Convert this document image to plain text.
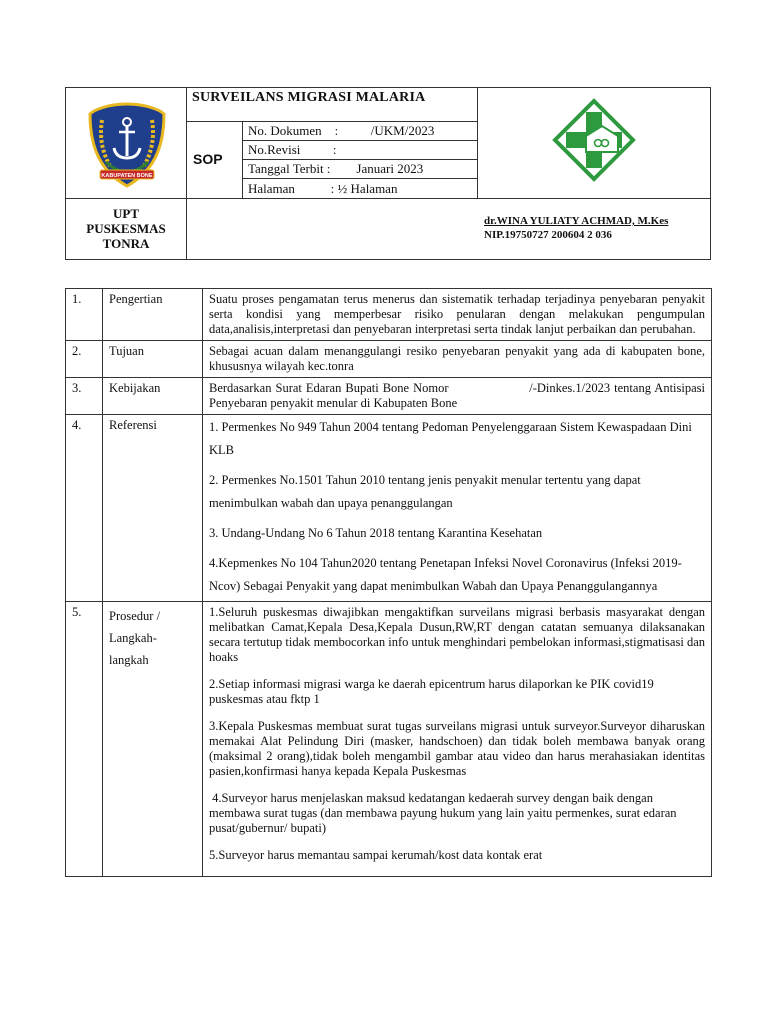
KABUPATEN BONE
SURVEILANS MIGRASI MALARIA
SOP
No. Dokumen    :          /UKM/2023
No.Revisi          :
Tanggal Terbit :        Januari 2023
Halaman           : ½ Halaman
UPT
PUSKESMAS
TONRA
dr.WINA YULIATY ACHMAD, M.Kes
NIP.19750727 200604 2 036
1.	Pengertian	Suatu proses pengamatan terus menerus dan sistematik terhadap terjadinya penyebaran penyakit serta kondisi yang memperbesar risiko penularan dengan melakukan pengumpulan data,analisis,interpretasi dan penyebaran interpretasi serta tindak lanjut perbaikan dan perubahan.
2.	Tujuan	Sebagai acuan dalam menanggulangi resiko penyebaran penyakit yang ada di kabupaten bone, khususnya wilayah kec.tonra
3.	Kebijakan	Berdasarkan Surat Edaran Bupati Bone Nomor                    /-Dinkes.1/2023 tentang Antisipasi Penyebaran penyakit menular di Kabupaten Bone
4.	Referensi	1. Permenkes No 949 Tahun 2004 tentang Pedoman Penyelenggaraan Sistem Kewaspadaan Dini KLB

2. Permenkes No.1501 Tahun 2010 tentang jenis penyakit menular tertentu yang dapat menimbulkan wabah dan upaya penanggulangan

3. Undang-Undang No 6 Tahun 2018 tentang Karantina Kesehatan

4.Kepmenkes No 104 Tahun2020 tentang Penetapan Infeksi Novel Coronavirus (Infeksi 2019-Ncov) Sebagai Penyakit yang dapat menimbulkan Wabah dan Upaya Penanggulangannya

5.	Prosedur / Langkah-langkah	1.Seluruh puskesmas diwajibkan mengaktifkan surveilans migrasi berbasis masyarakat dengan melibatkan Camat,Kepala Desa,Kepala Dusun,RW,RT dengan catatan semuanya dilaksanakan secara tertutup tidak membocorkan info untuk menghindari pembelokan informasi,stigmatisasi dan hoaks

2.Setiap informasi migrasi warga ke daerah epicentrum harus dilaporkan ke PIK covid19 puskesmas atau fktp 1

3.Kepala Puskesmas membuat surat tugas surveilans migrasi untuk surveyor.Surveyor diharuskan memakai Alat Pelindung Diri (masker, handschoen) dan tidak boleh membawa banyak orang (maksimal 2 orang),tidak boleh mengambil gambar atau video dan harus merahasiakan identitas pasien,konfirmasi hanya kepada Kepala Puskesmas

4.Surveyor harus menjelaskan maksud kedatangan kedaerah survey dengan baik dengan membawa surat tugas (dan membawa payung hukum yang lain yaitu permenkes, surat edaran pusat/gubernur/ bupati)

5.Surveyor harus memantau sampai kerumah/kost data kontak erat
